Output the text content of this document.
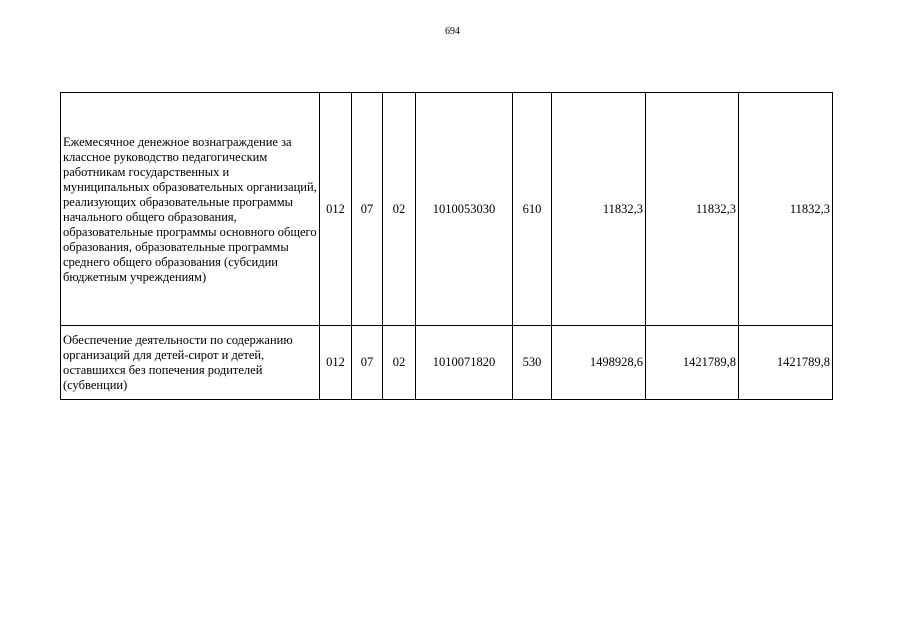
694
Ежемесячное денежное вознаграждение за классное руководство педагогическим работникам государственных и муниципальных образовательных организаций, реализующих образовательные программы начального общего образования, образовательные программы основного общего образования, образовательные программы среднего общего образования (субсидии бюджетным учреждениям)	012	07	02	1010053030	610	11832,3	11832,3	11832,3
Обеспечение деятельности по содержанию организаций для детей-сирот и детей, оставшихся без попечения родителей (субвенции)	012	07	02	1010071820	530	1498928,6	1421789,8	1421789,8
